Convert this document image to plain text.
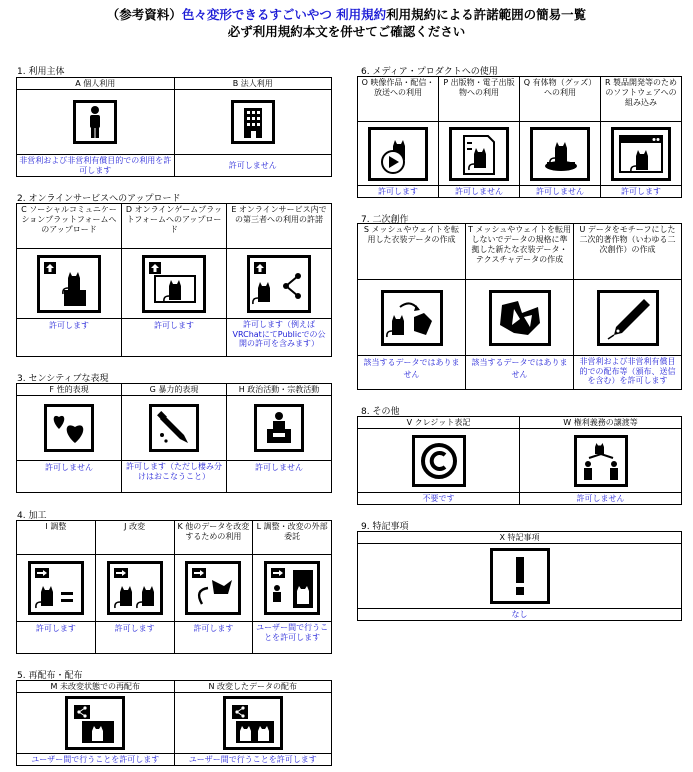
（参考資料）色々変形できるすごいやつ 利用規約利用規約による許諾範囲の簡易一覧
必ず利用規約本文を併せてご確認ください
1. 利用主体
A 個人利用
非営利および非営利有償目的での利用を許可します
B 法人利用
許可しません
2. オンラインサービスへのアップロード
C ソーシャルコミュニケーションプラットフォームへのアップロード
許可します
D オンラインゲームプラットフォームへのアップロード
許可します
E オンラインサービス内での第三者への利用の許諾
許可します（例えばVRChatにてPublicでの公開の許可を含みます）
3. センシティブな表現
F 性的表現
許可しません
G 暴力的表現
許可します（ただし棲み分けはおこなうこと）
H 政治活動・宗教活動
許可しません
4. 加工
I 調整
許可します
J 改変
許可します
K 他のデータを改変するための利用
許可します
L 調整・改変の外部委託
ユーザー間で行うことを許可します
5. 再配布・配布
M 未改変状態での再配布
ユーザー間で行うことを許可します
N 改変したデータの配布
ユーザー間で行うことを許可します
6. メディア・プロダクトへの使用
O 映像作品・配信・放送への利用
許可します
P 出版物・電子出版物への利用
許可しません
Q 有体物（グッズ）への利用
許可しません
R 製品開発等のためのソフトウェアへの組み込み
許可します
7. 二次創作
S メッシュやウェイトを転用した衣装データの作成
該当するデータではありません
T メッシュやウェイトを転用しないでデータの規格に準拠した新たな衣装データ・テクスチャデータの作成
該当するデータではありません
U データをモチーフにした二次的著作物（いわゆる二次創作）の作成
非営利および非営利有償目的での配布等（頒布、送信を含む）を許可します
8. その他
V クレジット表記
不要です
W 権利義務の譲渡等
許可しません
9. 特記事項
X 特記事項
なし
